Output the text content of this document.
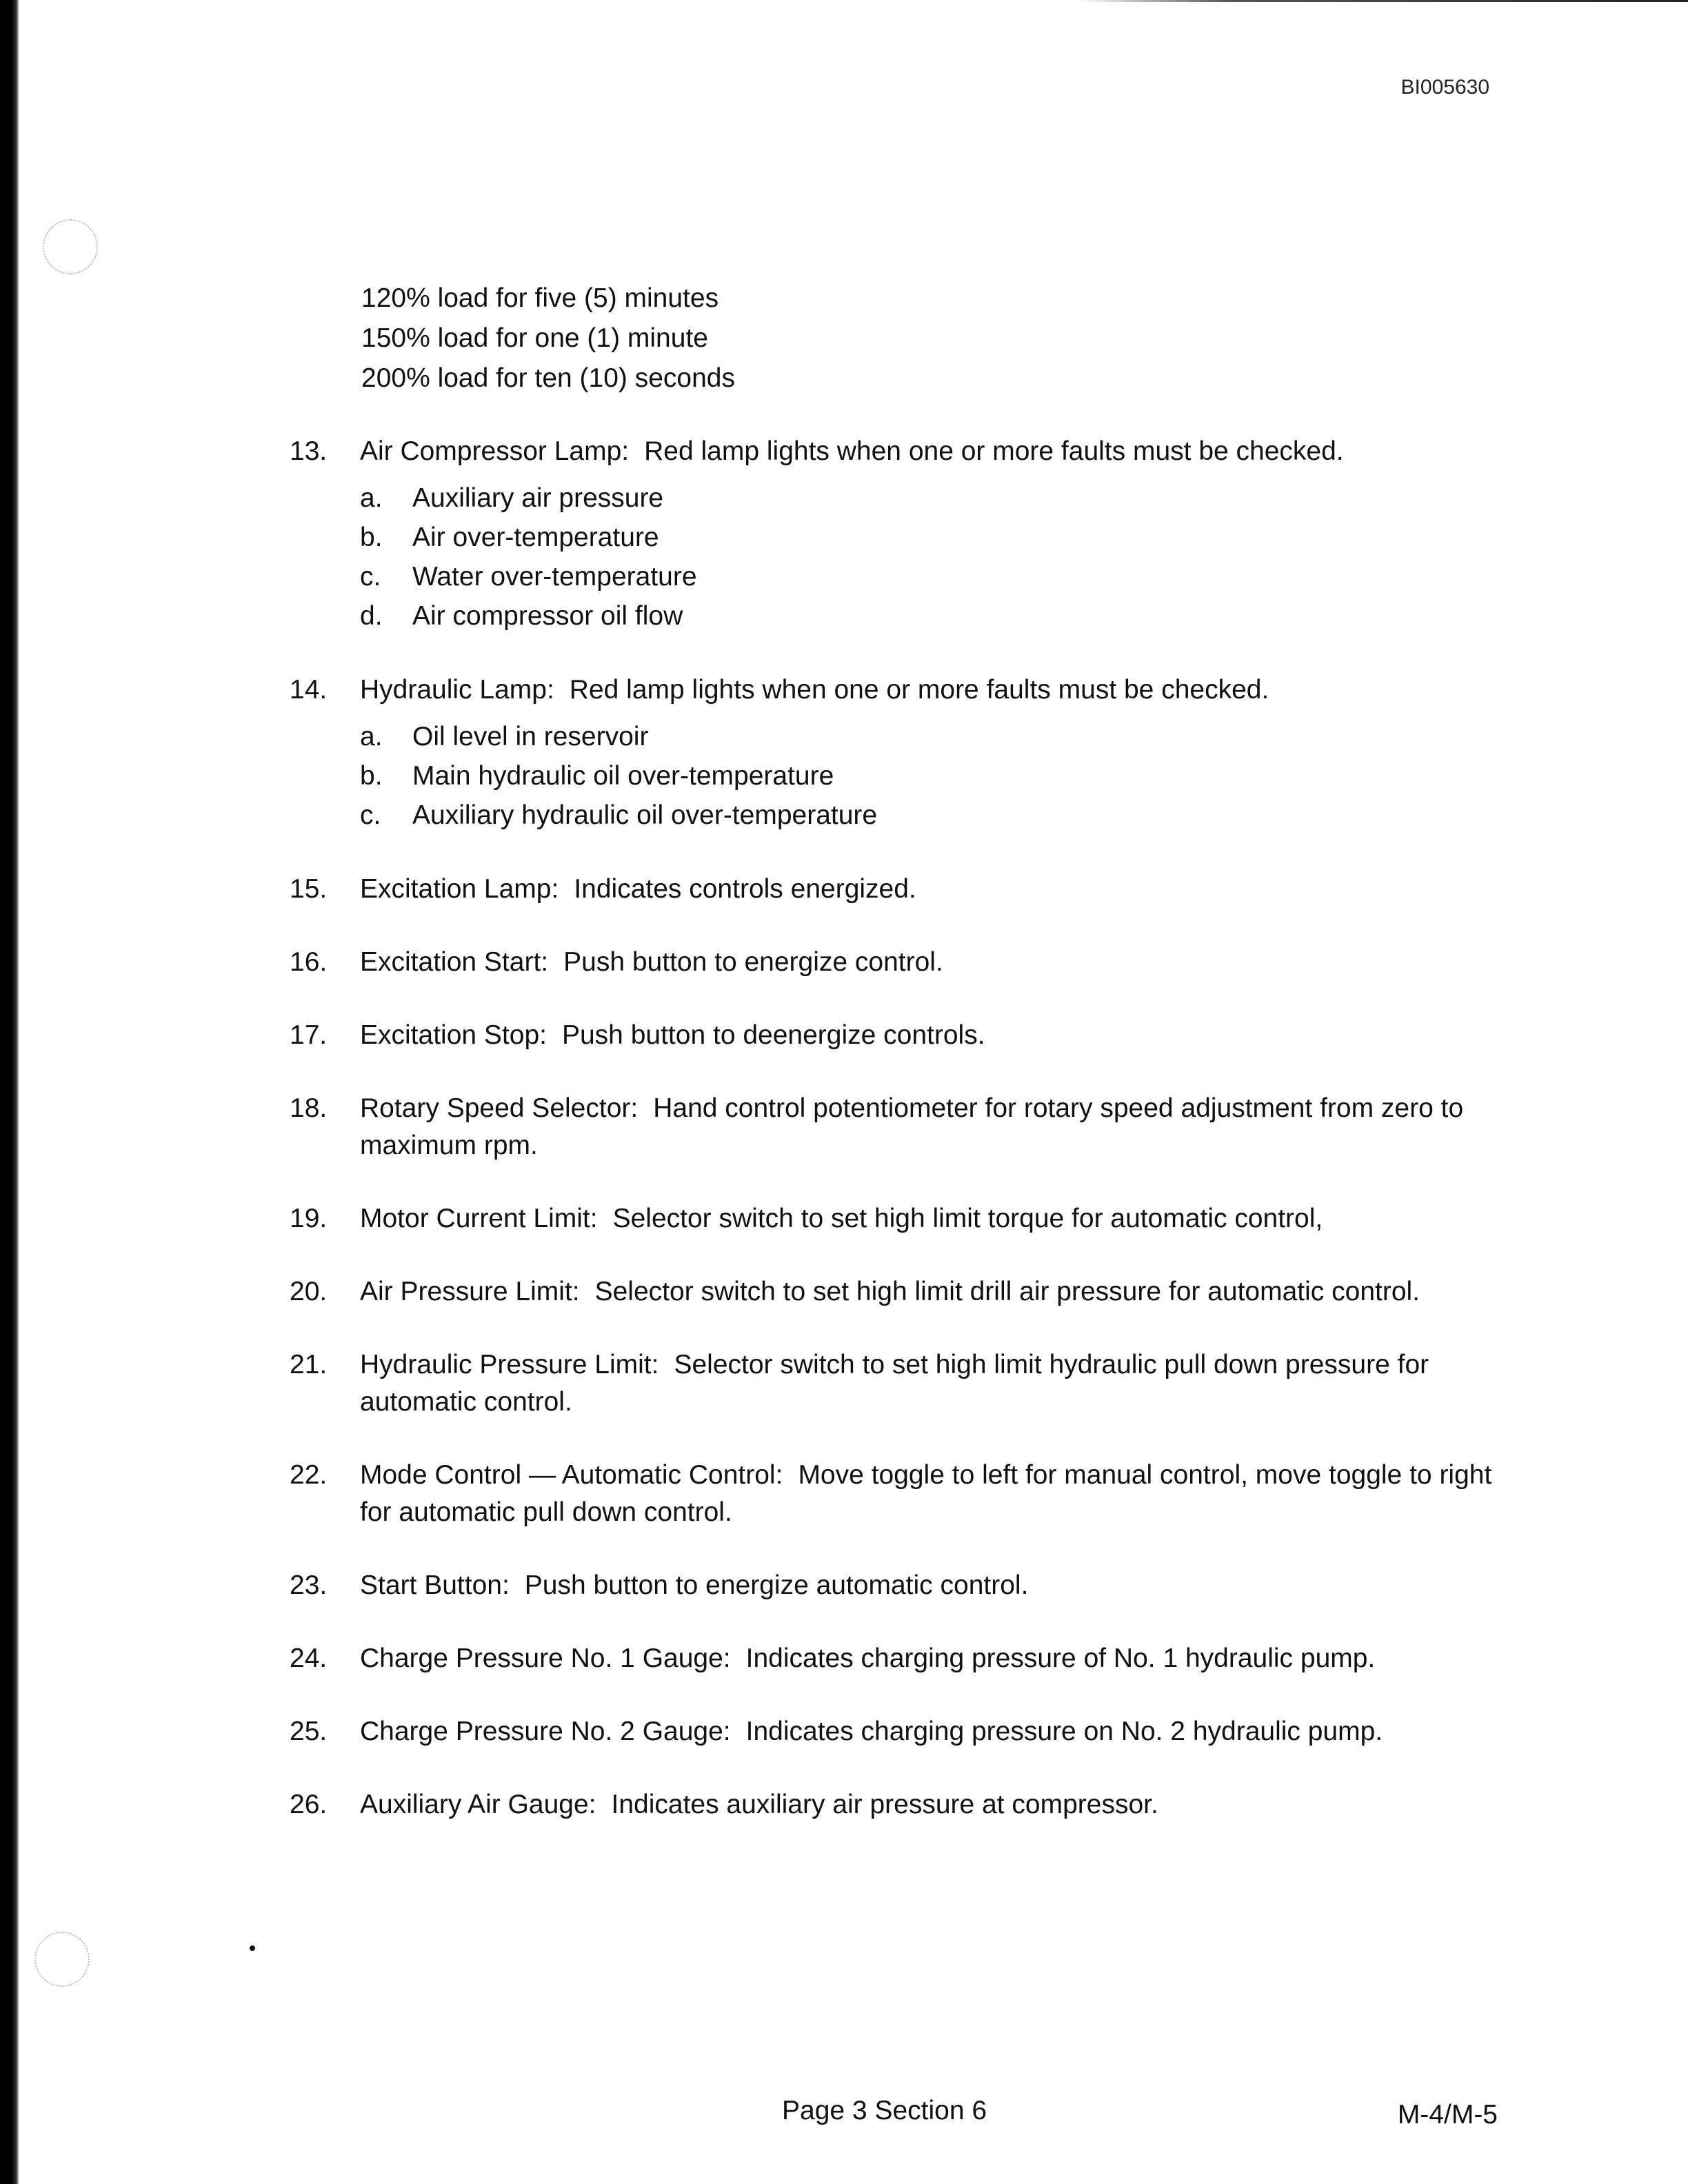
BI005630
120% load for five (5) minutes
150% load for one (1) minute
200% load for ten (10) seconds
13.	Air Compressor Lamp: Red lamp lights when one or more faults must be checked.
a.	Auxiliary air pressure
b.	Air over-temperature
c.	Water over-temperature
d.	Air compressor oil flow
14.	Hydraulic Lamp: Red lamp lights when one or more faults must be checked.
a.	Oil level in reservoir
b.	Main hydraulic oil over-temperature
c.	Auxiliary hydraulic oil over-temperature
15.	Excitation Lamp: Indicates controls energized.
16.	Excitation Start: Push button to energize control.
17.	Excitation Stop: Push button to deenergize controls.
18.	Rotary Speed Selector: Hand control potentiometer for rotary speed adjustment from zero to maximum rpm.
19.	Motor Current Limit: Selector switch to set high limit torque for automatic control,
20.	Air Pressure Limit: Selector switch to set high limit drill air pressure for automatic control.
21.	Hydraulic Pressure Limit: Selector switch to set high limit hydraulic pull down pressure for automatic control.
22.	Mode Control — Automatic Control: Move toggle to left for manual control, move toggle to right for automatic pull down control.
23.	Start Button: Push button to energize automatic control.
24.	Charge Pressure No. 1 Gauge: Indicates charging pressure of No. 1 hydraulic pump.
25.	Charge Pressure No. 2 Gauge: Indicates charging pressure on No. 2 hydraulic pump.
26.	Auxiliary Air Gauge: Indicates auxiliary air pressure at compressor.
Page 3 Section 6	M-4/M-5
